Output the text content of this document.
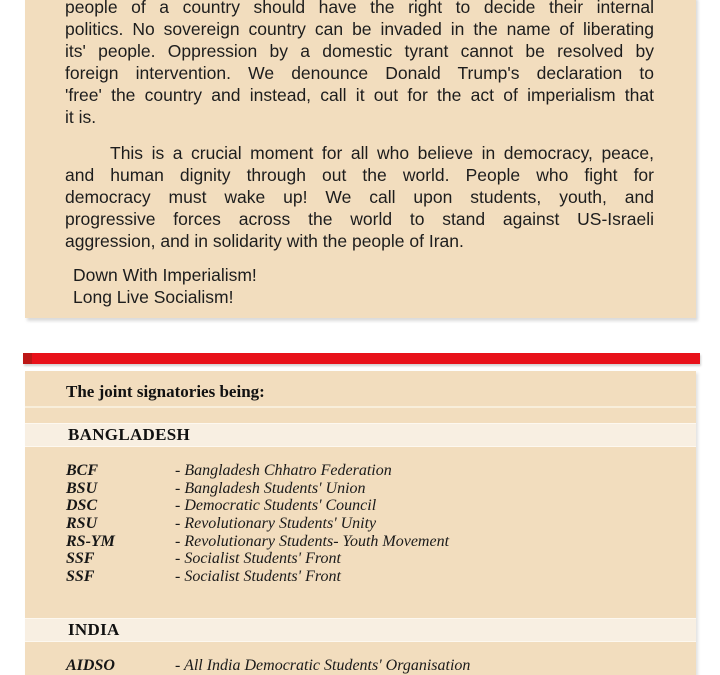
people of a country should have the right to decide their internal
politics. No sovereign country can be invaded in the name of liberating
its' people. Oppression by a domestic tyrant cannot be resolved by
foreign intervention. We denounce Donald Trump's declaration to
'free' the country and instead, call it out for the act of imperialism that
it is.
This is a crucial moment for all who believe in democracy, peace,
and human dignity through out the world. People who fight for
democracy must wake up! We call upon students, youth, and
progressive forces across the world to stand against US-Israeli
aggression, and in solidarity with the people of Iran.

Down With Imperialism!

Long Live Socialism!

The joint signatories being:
BANGLADESH
BCF	- Bangladesh Chhatro Federation
BSU	- Bangladesh Students' Union
DSC	- Democratic Students' Council
RSU	- Revolutionary Students' Unity
RS-YM	- Revolutionary Students- Youth Movement
SSF	- Socialist Students' Front
SSF	- Socialist Students' Front
INDIA
AIDSO	- All India Democratic Students' Organisation
